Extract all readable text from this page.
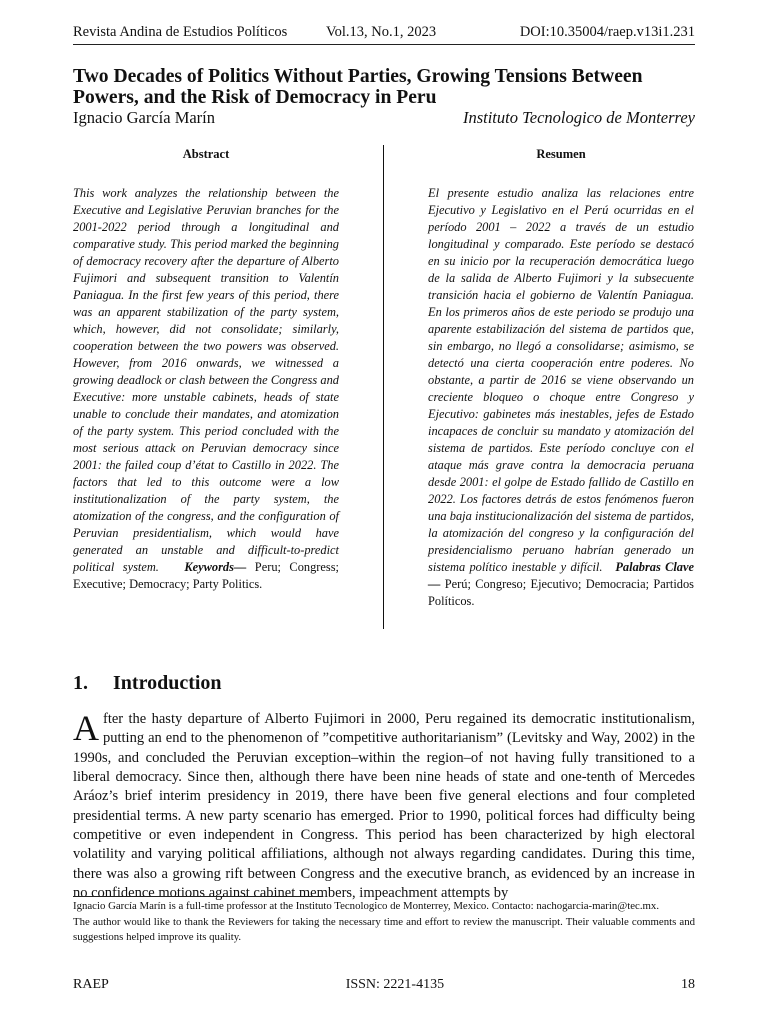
Revista Andina de Estudios Políticos	Vol.13, No.1, 2023	DOI:10.35004/raep.v13i1.231
Two Decades of Politics Without Parties, Growing Tensions Between Powers, and the Risk of Democracy in Peru
Ignacio García Marín	Instituto Tecnologico de Monterrey
Abstract	Resumen
This work analyzes the relationship between the Executive and Legislative Peruvian branches for the 2001-2022 period through a longitudinal and comparative study. This period marked the beginning of democracy recovery after the departure of Alberto Fujimori and subsequent transition to Valentín Paniagua. In the first few years of this period, there was an apparent stabilization of the party system, which, however, did not consolidate; similarly, cooperation between the two powers was observed. However, from 2016 onwards, we witnessed a growing deadlock or clash between the Congress and Executive: more unstable cabinets, heads of state unable to conclude their mandates, and atomization of the party system. This period concluded with the most serious attack on Peruvian democracy since 2001: the failed coup d’état to Castillo in 2022. The factors that led to this outcome were a low institutionalization of the party system, the atomization of the congress, and the configuration of Peruvian presidentialism, which would have generated an unstable and difficult-to-predict political system. Keywords— Peru; Congress; Executive; Democracy; Party Politics.
El presente estudio analiza las relaciones entre Ejecutivo y Legislativo en el Perú ocurridas en el período 2001 – 2022 a través de un estudio longitudinal y comparado. Este período se destacó en su inicio por la recuperación democrática luego de la salida de Alberto Fujimori y la subsecuente transición hacia el gobierno de Valentín Paniagua. En los primeros años de este periodo se produjo una aparente estabilización del sistema de partidos que, sin embargo, no llegó a consolidarse; asimismo, se detectó una cierta cooperación entre poderes. No obstante, a partir de 2016 se viene observando un creciente bloqueo o choque entre Congreso y Ejecutivo: gabinetes más inestables, jefes de Estado incapaces de concluir su mandato y atomización del sistema de partidos. Este período concluye con el ataque más grave contra la democracia peruana desde 2001: el golpe de Estado fallido de Castillo en 2022. Los factores detrás de estos fenómenos fueron una baja institucionalización del sistema de partidos, la atomización del congreso y la configuración del presidencialismo peruano habrían generado un sistema político inestable y difícil. Palabras Clave— Perú; Congreso; Ejecutivo; Democracia; Partidos Políticos.
1. Introduction

After the hasty departure of Alberto Fujimori in 2000, Peru regained its democratic institutionalism, putting an end to the phenomenon of ”competitive authoritarianism” (Levitsky and Way, 2002) in the 1990s, and concluded the Peruvian exception–within the region–of not having fully transitioned to a liberal democracy. Since then, although there have been nine heads of state and one-tenth of Mercedes Aráoz’s brief interim presidency in 2019, there have been five general elections and four completed presidential terms. A new party scenario has emerged. Prior to 1990, political forces had difficulty being competitive or even independent in Congress. This period has been characterized by high electoral volatility and varying political affiliations, although not always regarding candidates. During this time, there was also a growing rift between Congress and the executive branch, as evidenced by an increase in no confidence motions against cabinet members, impeachment attempts by

Ignacio García Marín is a full-time professor at the Instituto Tecnologico de Monterrey, Mexico. Contacto: nachogarcia-marin@tec.mx.

The author would like to thank the Reviewers for taking the necessary time and effort to review the manuscript. Their valuable comments and suggestions helped improve its quality.

RAEP	ISSN: 2221-4135	18
